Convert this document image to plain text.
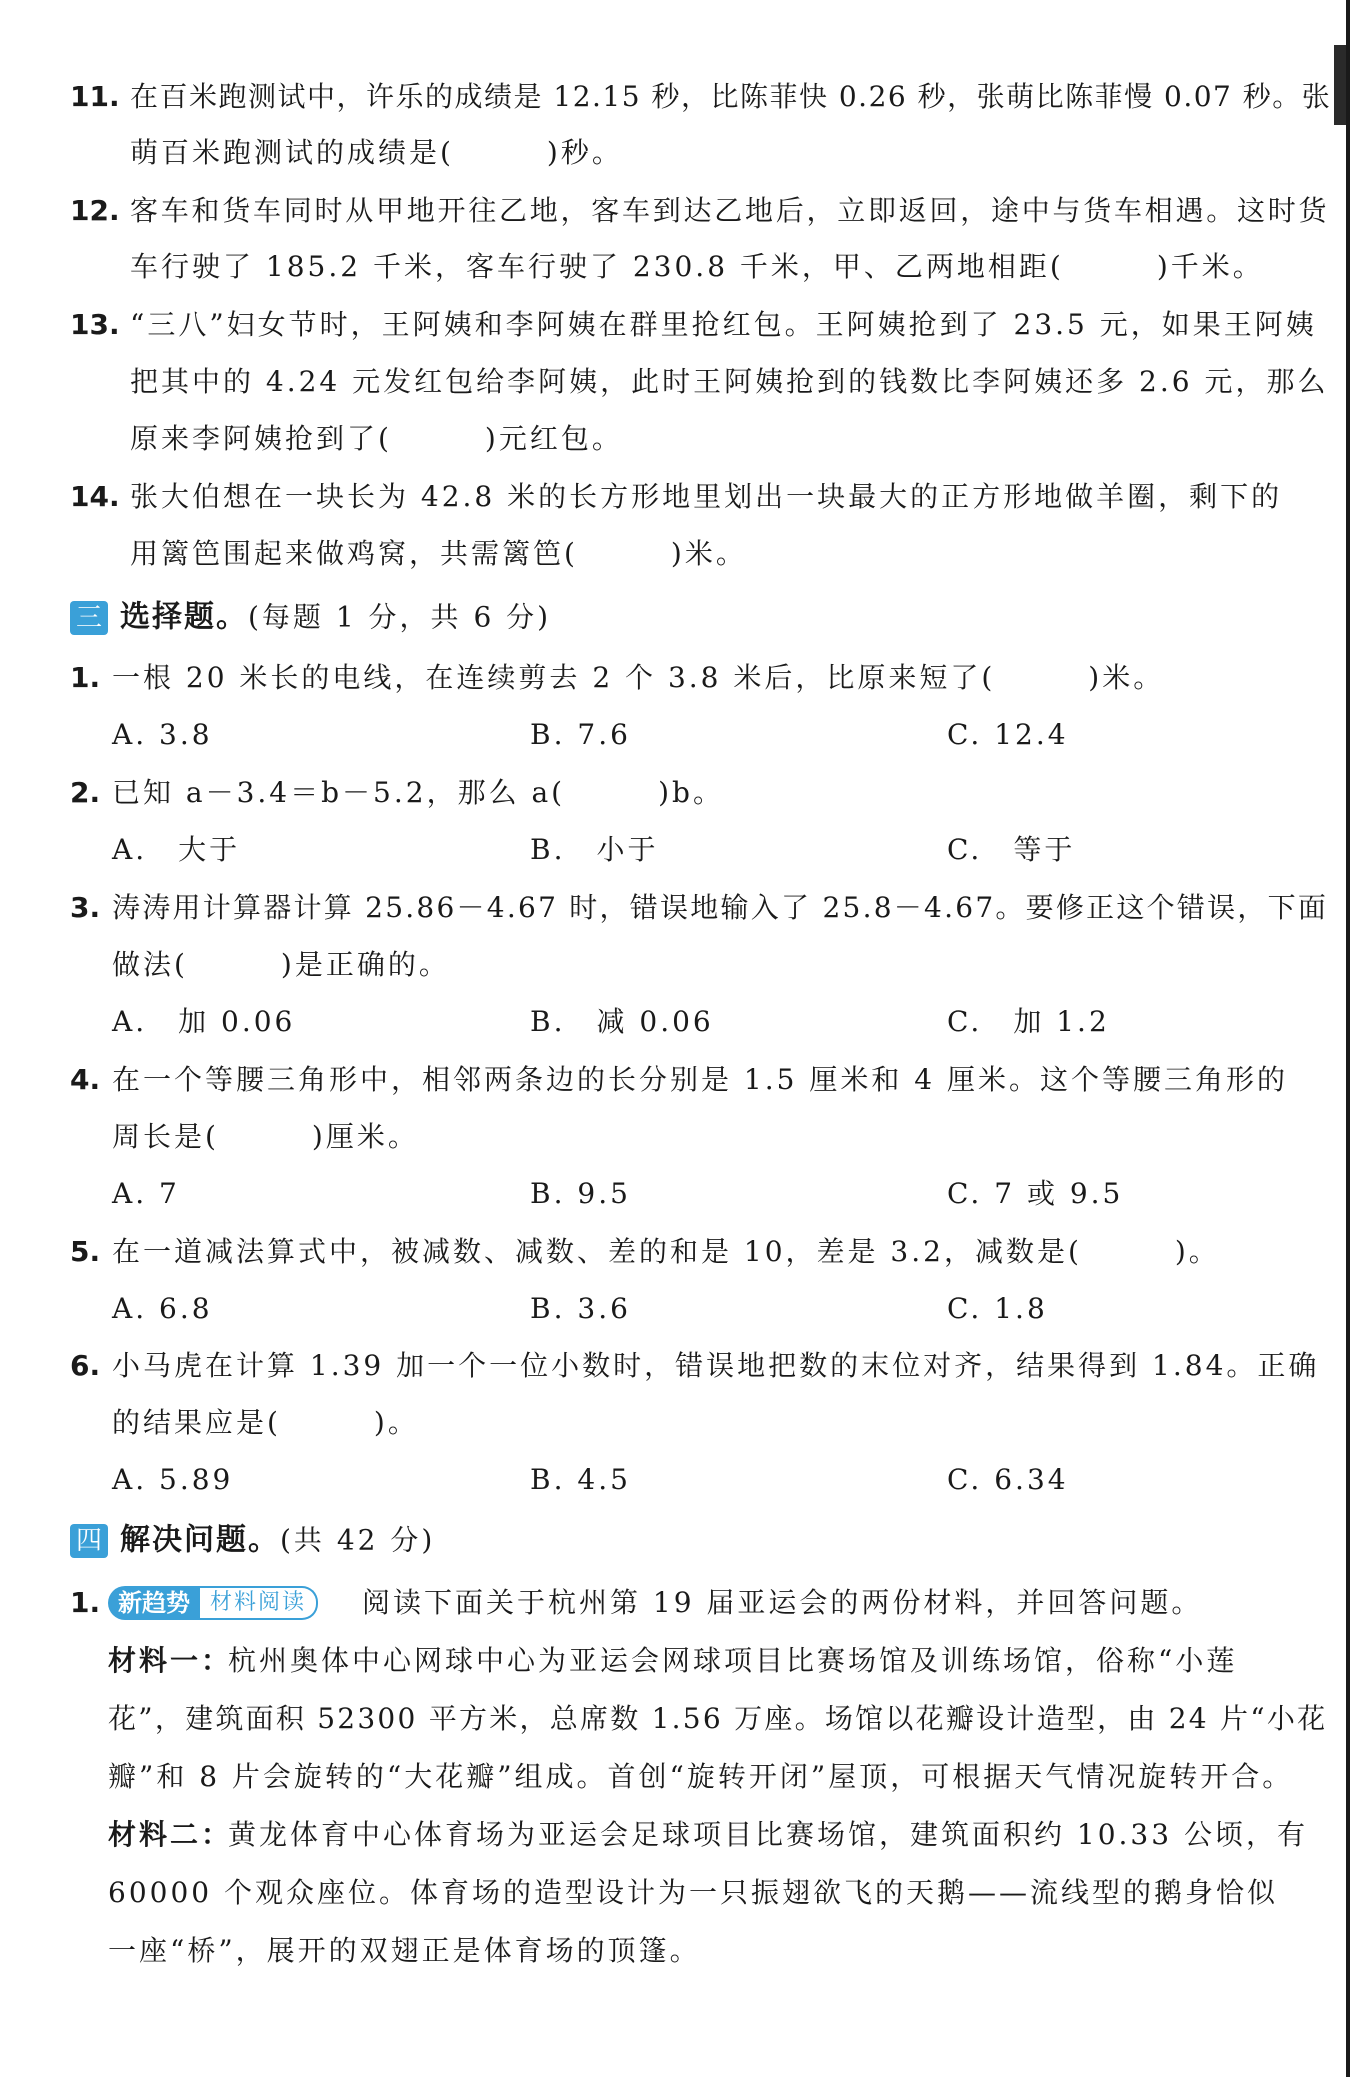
11. 在百米跑测试中，许乐的成绩是 12.15 秒，比陈菲快 0.26 秒，张萌比陈菲慢 0.07 秒。张
萌百米跑测试的成绩是(　　　)秒。
12. 客车和货车同时从甲地开往乙地，客车到达乙地后，立即返回，途中与货车相遇。这时货
车行驶了 185.2 千米，客车行驶了 230.8 千米，甲、乙两地相距(　　　)千米。
13. “三八”妇女节时，王阿姨和李阿姨在群里抢红包。王阿姨抢到了 23.5 元，如果王阿姨
把其中的 4.24 元发红包给李阿姨，此时王阿姨抢到的钱数比李阿姨还多 2.6 元，那么
原来李阿姨抢到了(　　　)元红包。
14. 张大伯想在一块长为 42.8 米的长方形地里划出一块最大的正方形地做羊圈，剩下的
用篱笆围起来做鸡窝，共需篱笆(　　　)米。
三 选择题。(每题 1 分，共 6 分)
1. 一根 20 米长的电线，在连续剪去 2 个 3.8 米后，比原来短了(　　　)米。
A. 3.8	B. 7.6	C. 12.4
2. 已知 a－3.4＝b－5.2，那么 a(　　　)b。
A.　大于	B.　小于	C.　等于
3. 涛涛用计算器计算 25.86－4.67 时，错误地输入了 25.8－4.67。要修正这个错误，下面
做法(　　　)是正确的。
A.　加 0.06	B.　减 0.06	C.　加 1.2
4. 在一个等腰三角形中，相邻两条边的长分别是 1.5 厘米和 4 厘米。这个等腰三角形的
周长是(　　　)厘米。
A. 7	B. 9.5	C. 7 或 9.5
5. 在一道减法算式中，被减数、减数、差的和是 10，差是 3.2，减数是(　　　)。
A. 6.8	B. 3.6	C. 1.8
6. 小马虎在计算 1.39 加一个一位小数时，错误地把数的末位对齐，结果得到 1.84。正确
的结果应是(　　　)。
A. 5.89	B. 4.5	C. 6.34
四 解决问题。(共 42 分)
1. 新趋势 材料阅读	阅读下面关于杭州第 19 届亚运会的两份材料，并回答问题。
材料一：
杭州奥体中心网球中心为亚运会网球项目比赛场馆及训练场馆，俗称“小莲
花”，建筑面积 52300 平方米，总席数 1.56 万座。场馆以花瓣设计造型，由 24 片“小花
瓣”和 8 片会旋转的“大花瓣”组成。首创“旋转开闭”屋顶，可根据天气情况旋转开合。
材料二：
黄龙体育中心体育场为亚运会足球项目比赛场馆，建筑面积约 10.33 公顷，有
60000 个观众座位。体育场的造型设计为一只振翅欲飞的天鹅——流线型的鹅身恰似
一座“桥”，展开的双翅正是体育场的顶篷。
